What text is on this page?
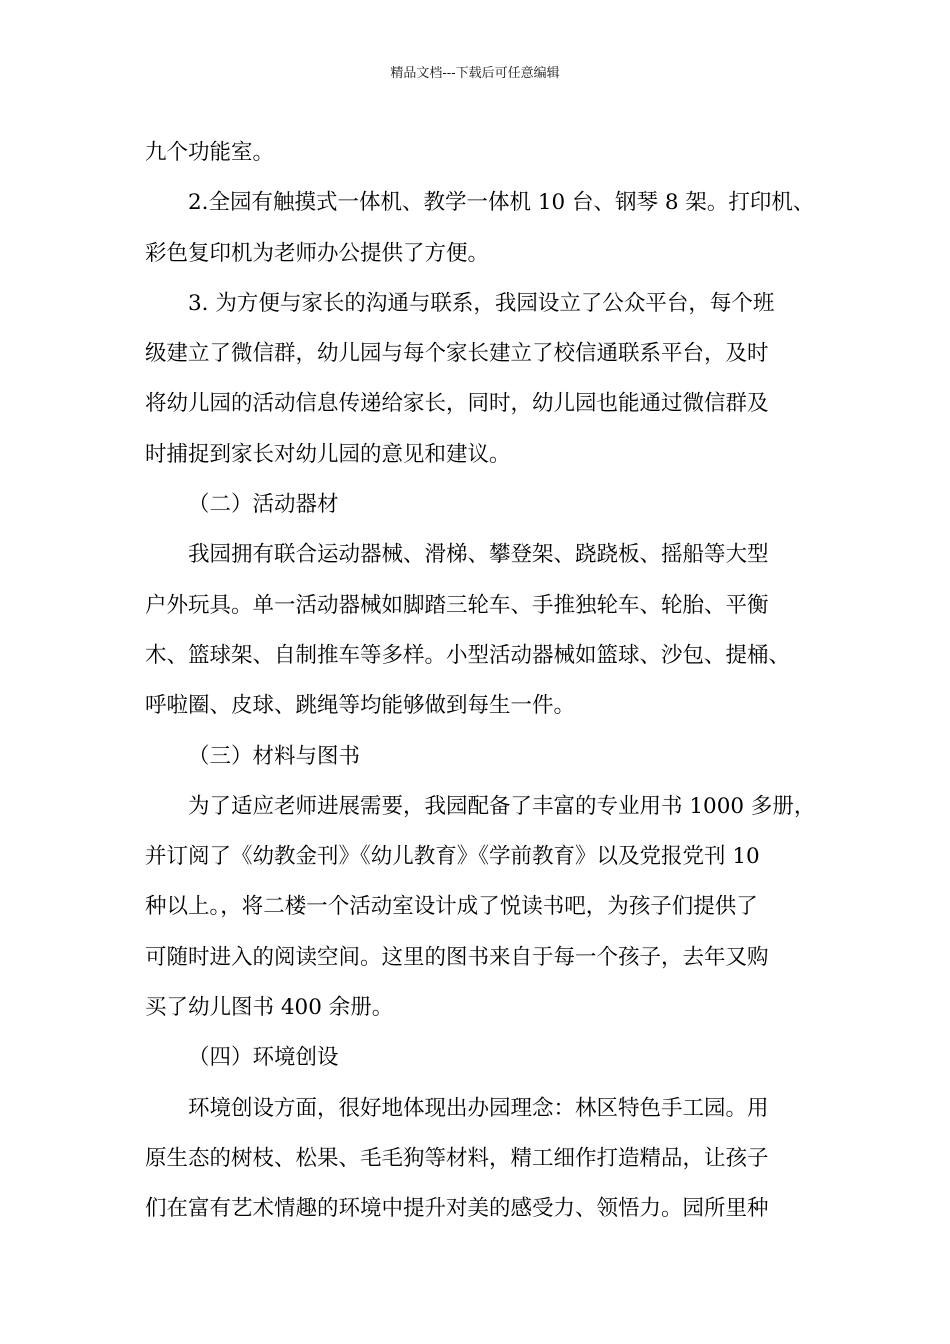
精品文档---下载后可任意编辑
九个功能室。
2.全园有触摸式一体机、教学一体机 10 台、钢琴 8 架。打印机、
彩色复印机为老师办公提供了方便。
3. 为方便与家长的沟通与联系，我园设立了公众平台，每个班
级建立了微信群，幼儿园与每个家长建立了校信通联系平台，及时
将幼儿园的活动信息传递给家长，同时，幼儿园也能通过微信群及
时捕捉到家长对幼儿园的意见和建议。
（二）活动器材
我园拥有联合运动器械、滑梯、攀登架、跷跷板、摇船等大型
户外玩具。单一活动器械如脚踏三轮车、手推独轮车、轮胎、平衡
木、篮球架、自制推车等多样。小型活动器械如篮球、沙包、提桶、
呼啦圈、皮球、跳绳等均能够做到每生一件。
（三）材料与图书
为了适应老师进展需要，我园配备了丰富的专业用书 1000 多册，
并订阅了《幼教金刊》《幼儿教育》《学前教育》以及党报党刊 10
种以上。，将二楼一个活动室设计成了悦读书吧，为孩子们提供了
可随时进入的阅读空间。这里的图书来自于每一个孩子，去年又购
买了幼儿图书 400 余册。
（四）环境创设
环境创设方面，很好地体现出办园理念：林区特色手工园。用
原生态的树枝、松果、毛毛狗等材料，精工细作打造精品，让孩子
们在富有艺术情趣的环境中提升对美的感受力、领悟力。园所里种
